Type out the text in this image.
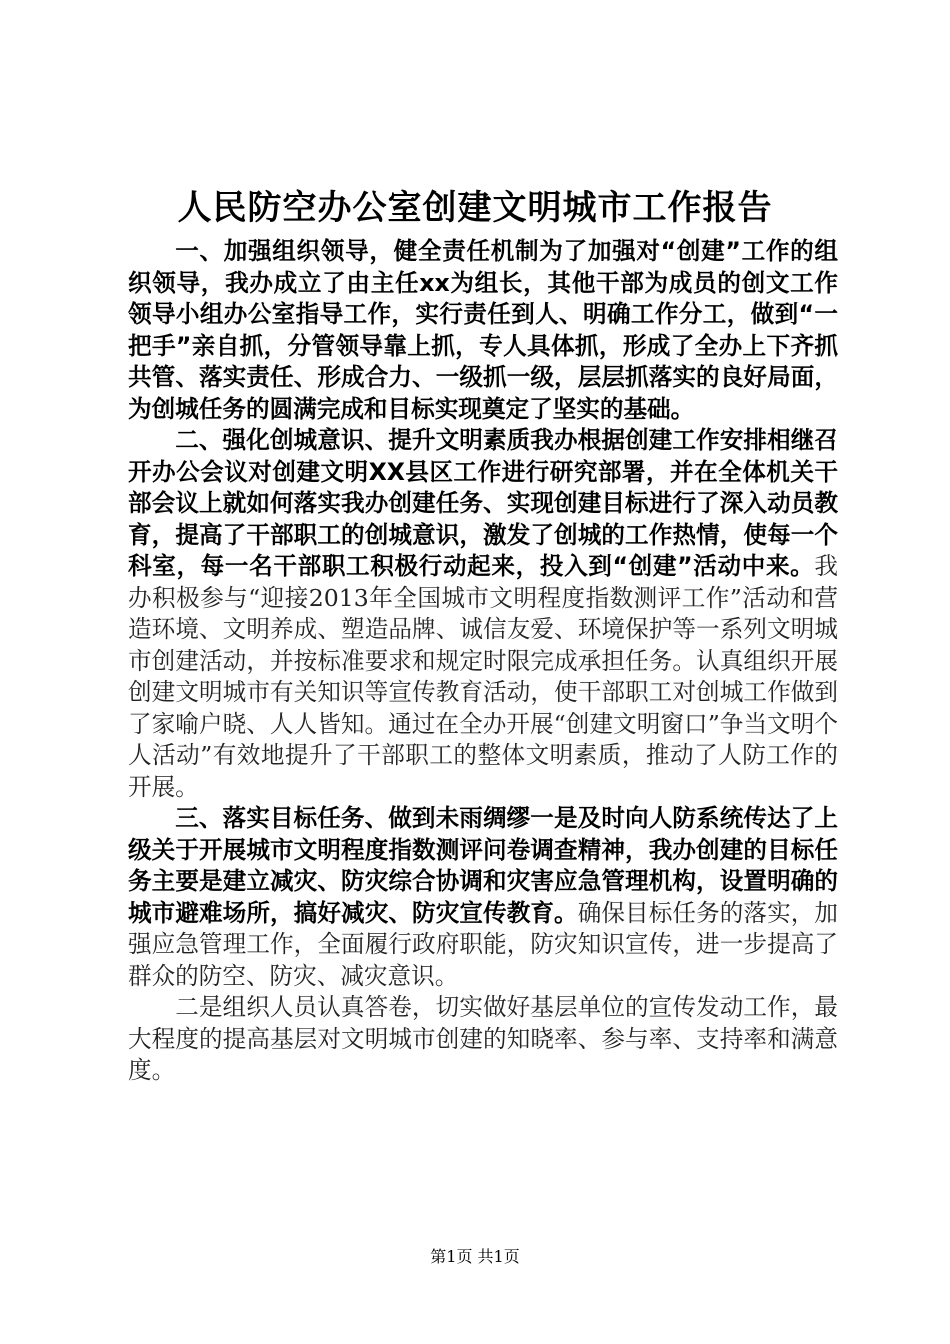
人民防空办公室创建文明城市工作报告

一、加强组织领导，健全责任机制为了加强对“创建”工作的组织领导，我办成立了由主任xx为组长，其他干部为成员的创文工作领导小组办公室指导工作，实行责任到人、明确工作分工，做到“一把手”亲自抓，分管领导靠上抓，专人具体抓，形成了全办上下齐抓共管、落实责任、形成合力、一级抓一级，层层抓落实的良好局面，为创城任务的圆满完成和目标实现奠定了坚实的基础。

二、强化创城意识、提升文明素质我办根据创建工作安排相继召开办公会议对创建文明XX县区工作进行研究部署，并在全体机关干部会议上就如何落实我办创建任务、实现创建目标进行了深入动员教育，提高了干部职工的创城意识，激发了创城的工作热情，使每一个科室，每一名干部职工积极行动起来，投入到“创建”活动中来。我办积极参与“迎接2013年全国城市文明程度指数测评工作”活动和营造环境、文明养成、塑造品牌、诚信友爱、环境保护等一系列文明城市创建活动，并按标准要求和规定时限完成承担任务。认真组织开展创建文明城市有关知识等宣传教育活动，使干部职工对创城工作做到了家喻户晓、人人皆知。通过在全办开展“创建文明窗口”争当文明个人活动”有效地提升了干部职工的整体文明素质，推动了人防工作的开展。

三、落实目标任务、做到未雨绸缪一是及时向人防系统传达了上级关于开展城市文明程度指数测评问卷调查精神，我办创建的目标任务主要是建立减灾、防灾综合协调和灾害应急管理机构，设置明确的城市避难场所，搞好减灾、防灾宣传教育。确保目标任务的落实，加强应急管理工作，全面履行政府职能，防灾知识宣传，进一步提高了群众的防空、防灾、减灾意识。

二是组织人员认真答卷，切实做好基层单位的宣传发动工作，最大程度的提高基层对文明城市创建的知晓率、参与率、支持率和满意度。

第1页 共1页
